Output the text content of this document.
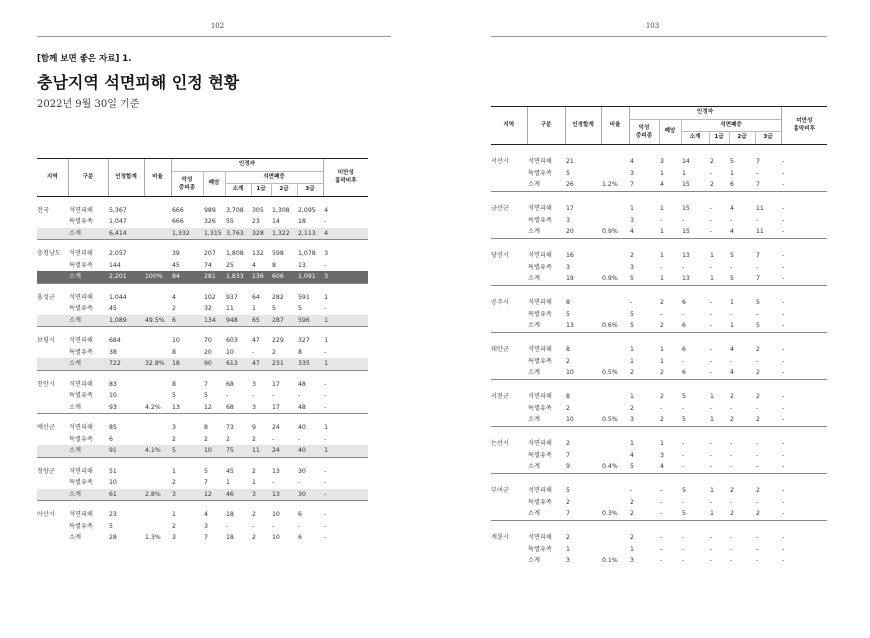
102
[함께 보면 좋은 자료] 1.
충남지역 석면피해 인정 현황
2022년 9월 30일 기준
지역	구분	인정합계	비율	인정자						미만성
흉막비후
				악성
중피종	폐암	석면폐증				
						소계	1급	2급	3급	

전국	석면피해	5,367		666	989	3,708	305	1,308	2,095	4
	특별유족	1,047		666	326	55	23	14	18	-
	소계	6,414		1,332	1,315	3,763	328	1,322	2,113	4

충청남도	석면피해	2,057		39	207	1,808	132	598	1,078	3
	특별유족	144		45	74	25	4	8	13	-
	소계	2,201	100%	84	281	1,833	136	606	1,091	3

홍성군	석면피해	1,044		4	102	937	64	282	591	1
	특별유족	45		2	32	11	1	5	5	-
	소계	1,089	49.5%	6	134	948	65	287	596	1

보령시	석면피해	684		10	70	603	47	229	327	1
	특별유족	38		8	20	10	-	2	8	-
	소계	722	32.8%	18	90	613	47	231	335	1

천안시	석면피해	83		8	7	68	3	17	48	-
	특별유족	10		5	5	-	-	-	-	-
	소계	93	4.2%	13	12	68	3	17	48	-

예산군	석면피해	85		3	8	73	9	24	40	1
	특별유족	6		2	2	2	2	-	-	-
	소계	91	4.1%	5	10	75	11	24	40	1

청양군	석면피해	51		1	5	45	2	13	30	-
	특별유족	10		2	7	1	1	-	-	-
	소계	61	2.8%	3	12	46	3	13	30	-

아산시	석면피해	23		1	4	18	2	10	6	-
	특별유족	5		2	3	-	-	-	-	-
	소계	28	1.3%	3	7	18	2	10	6	-
103
지역	구분	인정합계	비율	인정자						미만성
흉막비후
				악성
중피종	폐암	석면폐증				
						소계	1급	2급	3급	

서산시	석면피해	21		4	3	14	2	5	7	-
	특별유족	5		3	1	1	-	1	-	-
	소계	26	1.2%	7	4	15	2	6	7	-

금산군	석면피해	17		1	1	15	-	4	11	-
	특별유족	3		3	-	-	-	-	-	-
	소계	20	0.9%	4	1	15	-	4	11	-

당진시	석면피해	16		2	1	13	1	5	7	-
	특별유족	3		3	-	-	-	-	-	-
	소계	19	0.9%	5	1	13	1	5	7	-

공주시	석면피해	8		-	2	6	-	1	5	-
	특별유족	5		5	-	-	-	-	-	-
	소계	13	0.6%	5	2	6	-	1	5	-

태안군	석면피해	8		1	1	6	-	4	2	-
	특별유족	2		1	1	-	-	-	-	-
	소계	10	0.5%	2	2	6	-	4	2	-

서천군	석면피해	8		1	2	5	1	2	2	-
	특별유족	2		2	-	-	-	-	-	-
	소계	10	0.5%	3	2	5	1	2	2	-

논산시	석면피해	2		1	1	-	-	-	-	-
	특별유족	7		4	3	-	-	-	-	-
	소계	9	0.4%	5	4	-	-	-	-	-

부여군	석면피해	5		-	-	5	1	2	2	-
	특별유족	2		2	-	-	-	-	-	-
	소계	7	0.3%	2	-	5	1	2	2	-

계룡시	석면피해	2		2	-	-	-	-	-	-
	특별유족	1		1	-	-	-	-	-	-
	소계	3	0.1%	3	-	-	-	-	-	-
